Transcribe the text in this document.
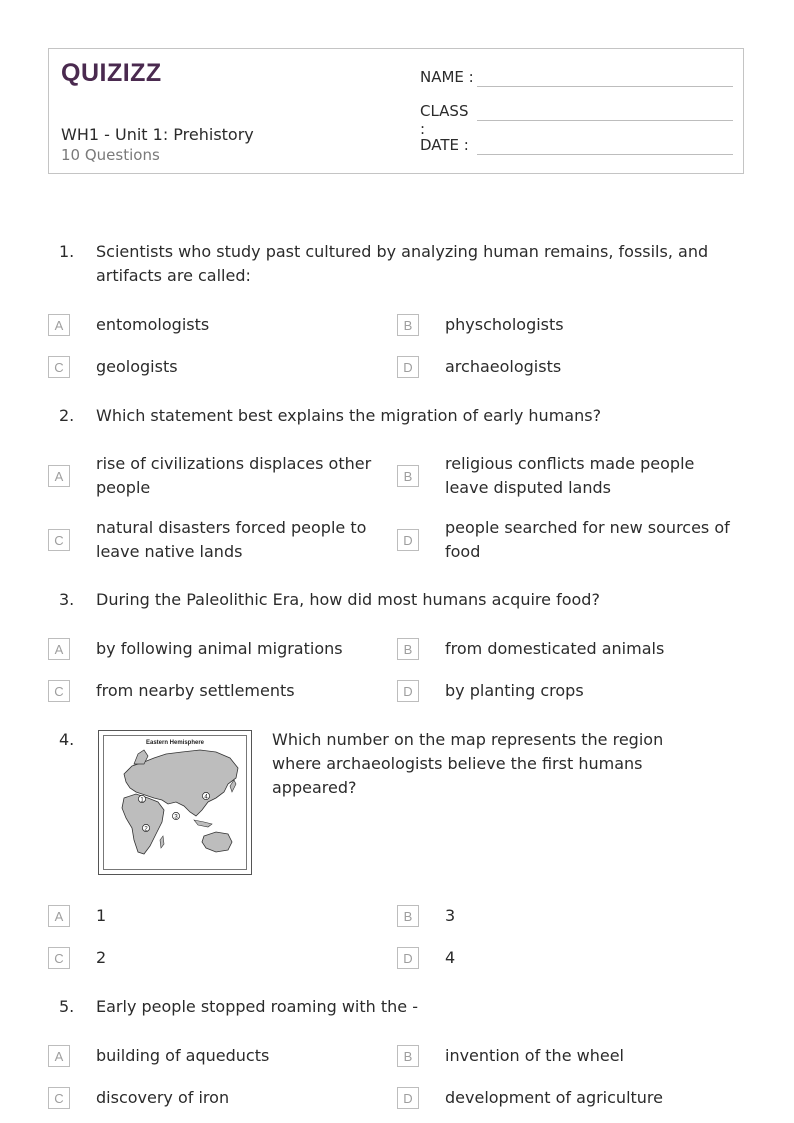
QUIZIZZ
WH1 - Unit 1: Prehistory
10 Questions
NAME :
CLASS :
DATE :
1. Scientists who study past cultured by analyzing human remains, fossils, and artifacts are called:
A	entomologists	B	physchologists
C	geologists	D	archaeologists
2. Which statement best explains the migration of early humans?
A
rise of civilizations displaces other people
B
religious conflicts made people leave disputed lands
C
natural disasters forced people to leave native lands
D
people searched for new sources of food
3. During the Paleolithic Era, how did most humans acquire food?
A	by following animal migrations	B	from domesticated animals
C	from nearby settlements	D	by planting crops
4.	Eastern Hemisphere
1
2
3
4
Which number on the map represents the region where archaeologists believe the first humans appeared?
A	1	B	3
C	2	D	4
5. Early people stopped roaming with the -
A	building of aqueducts	B	invention of the wheel
C	discovery of iron	D	development of agriculture
